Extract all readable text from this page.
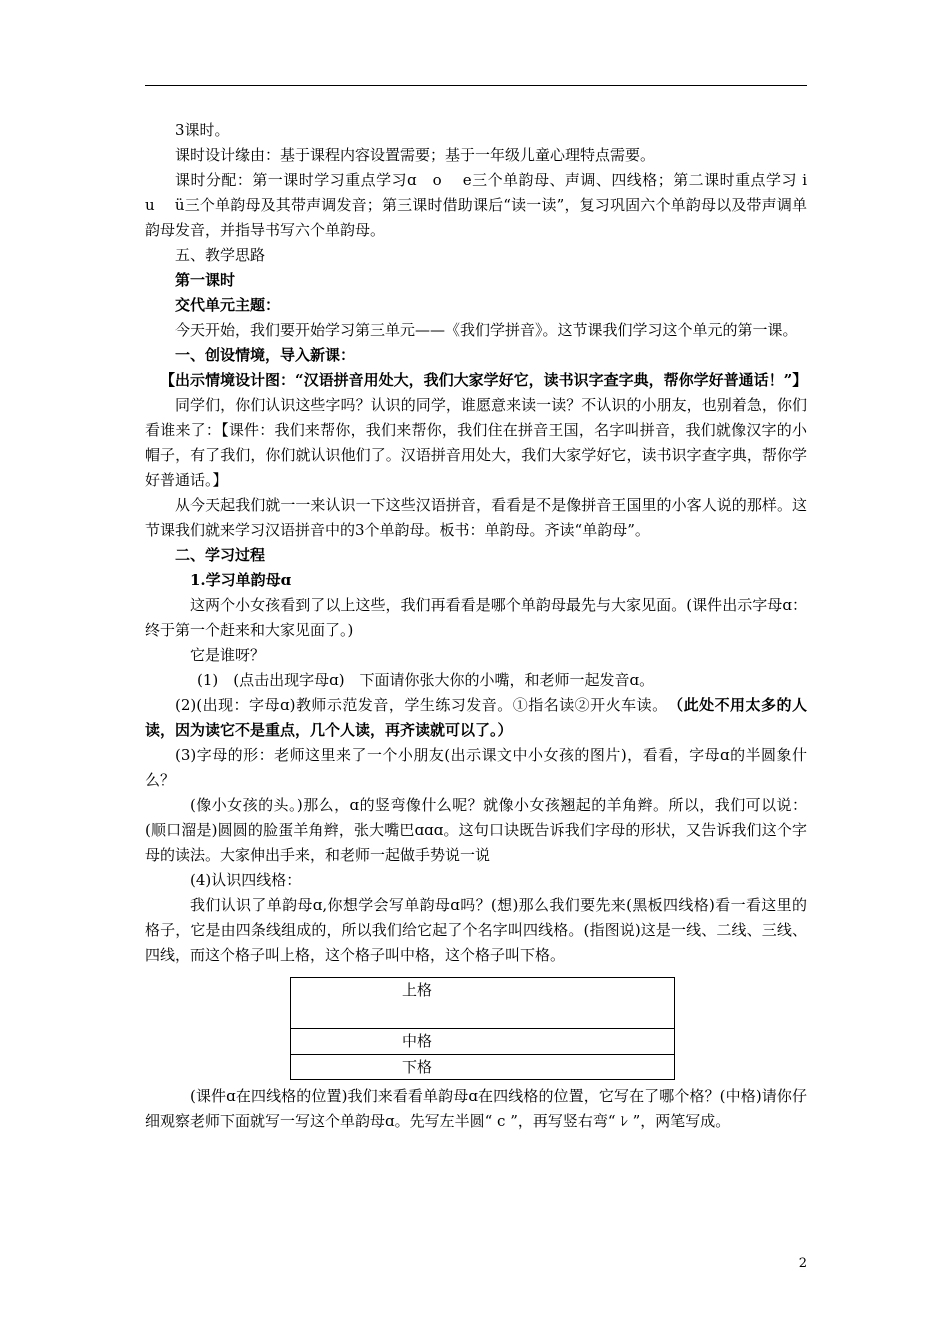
3课时。

课时设计缘由：基于课程内容设置需要；基于一年级儿童心理特点需要。

课时分配：第一课时学习重点学习ɑ　o　 e三个单韵母、声调、四线格；第二课时重点学习 i　 u　 ü三个单韵母及其带声调发音；第三课时借助课后“读一读”，复习巩固六个单韵母以及带声调单韵母发音，并指导书写六个单韵母。

五、教学思路

第一课时

交代单元主题：

今天开始，我们要开始学习第三单元——《我们学拼音》。这节课我们学习这个单元的第一课。

一、创设情境，导入新课：

【出示情境设计图：“汉语拼音用处大，我们大家学好它，读书识字查字典，帮你学好普通话！”】

同学们，你们认识这些字吗？认识的同学，谁愿意来读一读？不认识的小朋友，也别着急，你们看谁来了：【课件：我们来帮你，我们来帮你，我们住在拼音王国，名字叫拼音，我们就像汉字的小帽子，有了我们，你们就认识他们了。汉语拼音用处大，我们大家学好它，读书识字查字典，帮你学好普通话。】

从今天起我们就一一来认识一下这些汉语拼音，看看是不是像拼音王国里的小客人说的那样。这节课我们就来学习汉语拼音中的3个单韵母。板书：单韵母。齐读“单韵母”。

二、学习过程

1.学习单韵母ɑ

这两个小女孩看到了以上这些，我们再看看是哪个单韵母最先与大家见面。(课件出示字母ɑ：终于第一个赶来和大家见面了。)

它是谁呀？

(1)　(点击出现字母ɑ)　下面请你张大你的小嘴，和老师一起发音ɑ。

(2)(出现：字母ɑ)教师示范发音，学生练习发音。①指名读②开火车读。　 （此处不用太多的人读，因为读它不是重点，几个人读，再齐读就可以了。）

(3)字母的形：老师这里来了一个小朋友(出示课文中小女孩的图片)，看看，字母ɑ的半圆象什么？

(像小女孩的头。)那么，ɑ的竖弯像什么呢？就像小女孩翘起的羊角辫。所以，我们可以说：(顺口溜是)圆圆的脸蛋羊角辫，张大嘴巴ɑɑɑ。这句口诀既告诉我们字母的形状，又告诉我们这个字母的读法。大家伸出手来，和老师一起做手势说一说

(4)认识四线格：

我们认识了单韵母ɑ,你想学会写单韵母ɑ吗？(想)那么我们要先来(黑板四线格)看一看这里的格子，它是由四条线组成的，所以我们给它起了个名字叫四线格。(指图说)这是一线、二线、三线、四线，而这个格子叫上格，这个格子叫中格，这个格子叫下格。

上格
中格
下格

(课件ɑ在四线格的位置)我们来看看单韵母ɑ在四线格的位置，它写在了哪个格？(中格)请你仔细观察老师下面就写一写这个单韵母ɑ。先写左半圆“ c ”，再写竖右弯“ ﾚ ”，两笔写成。

2
